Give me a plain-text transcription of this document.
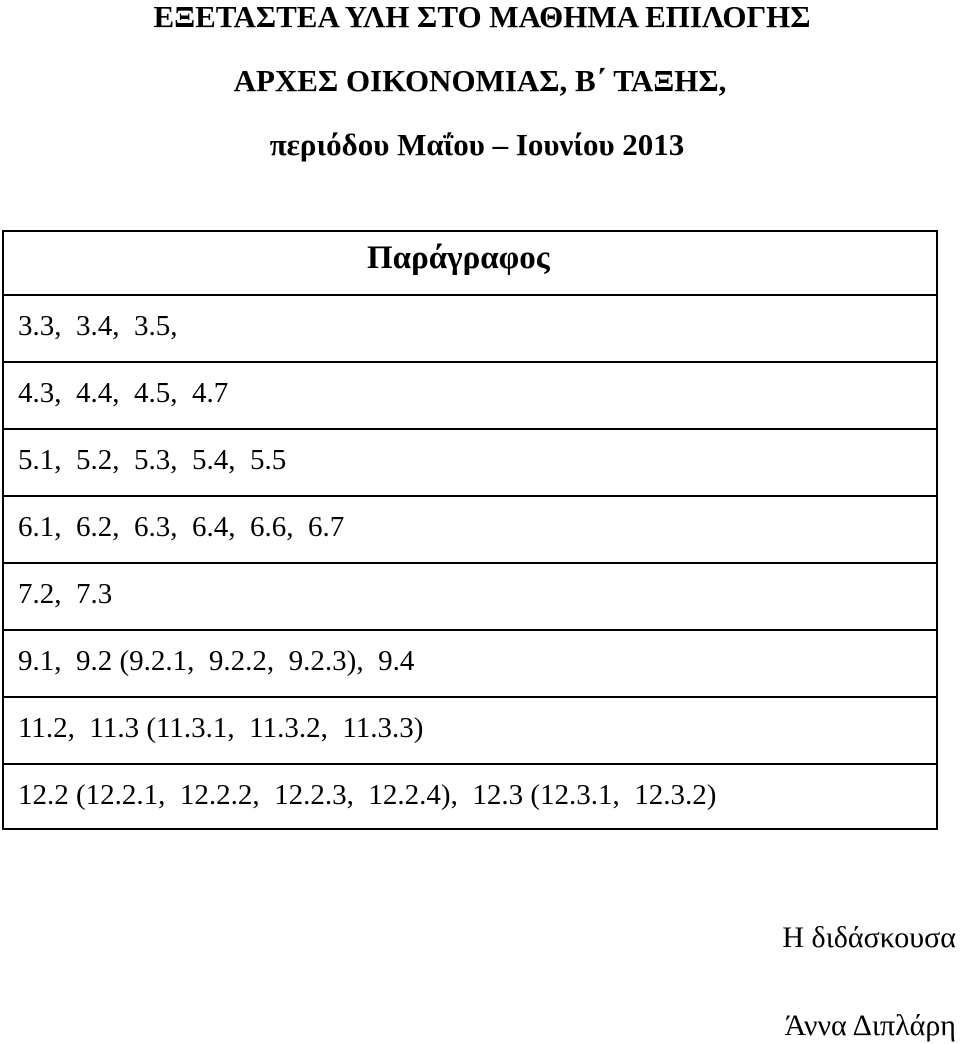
ΕΞΕΤΑΣΤΕΑ ΥΛΗ ΣΤΟ ΜΑΘΗΜΑ ΕΠΙΛΟΓΗΣ
ΑΡΧΕΣ ΟΙΚΟΝΟΜΙΑΣ, Β΄ ΤΑΞΗΣ,
περιόδου Μαΐου – Ιουνίου 2013
Παράγραφος
3.3,  3.4,  3.5,
4.3,  4.4,  4.5,  4.7
5.1,  5.2,  5.3,  5.4,  5.5
6.1,  6.2,  6.3,  6.4,  6.6,  6.7
7.2,  7.3
9.1,  9.2 (9.2.1,  9.2.2,  9.2.3),  9.4
11.2,  11.3 (11.3.1,  11.3.2,  11.3.3)
12.2 (12.2.1,  12.2.2,  12.2.3,  12.2.4),  12.3 (12.3.1,  12.3.2)
Η διδάσκουσα
Άννα Διπλάρη
